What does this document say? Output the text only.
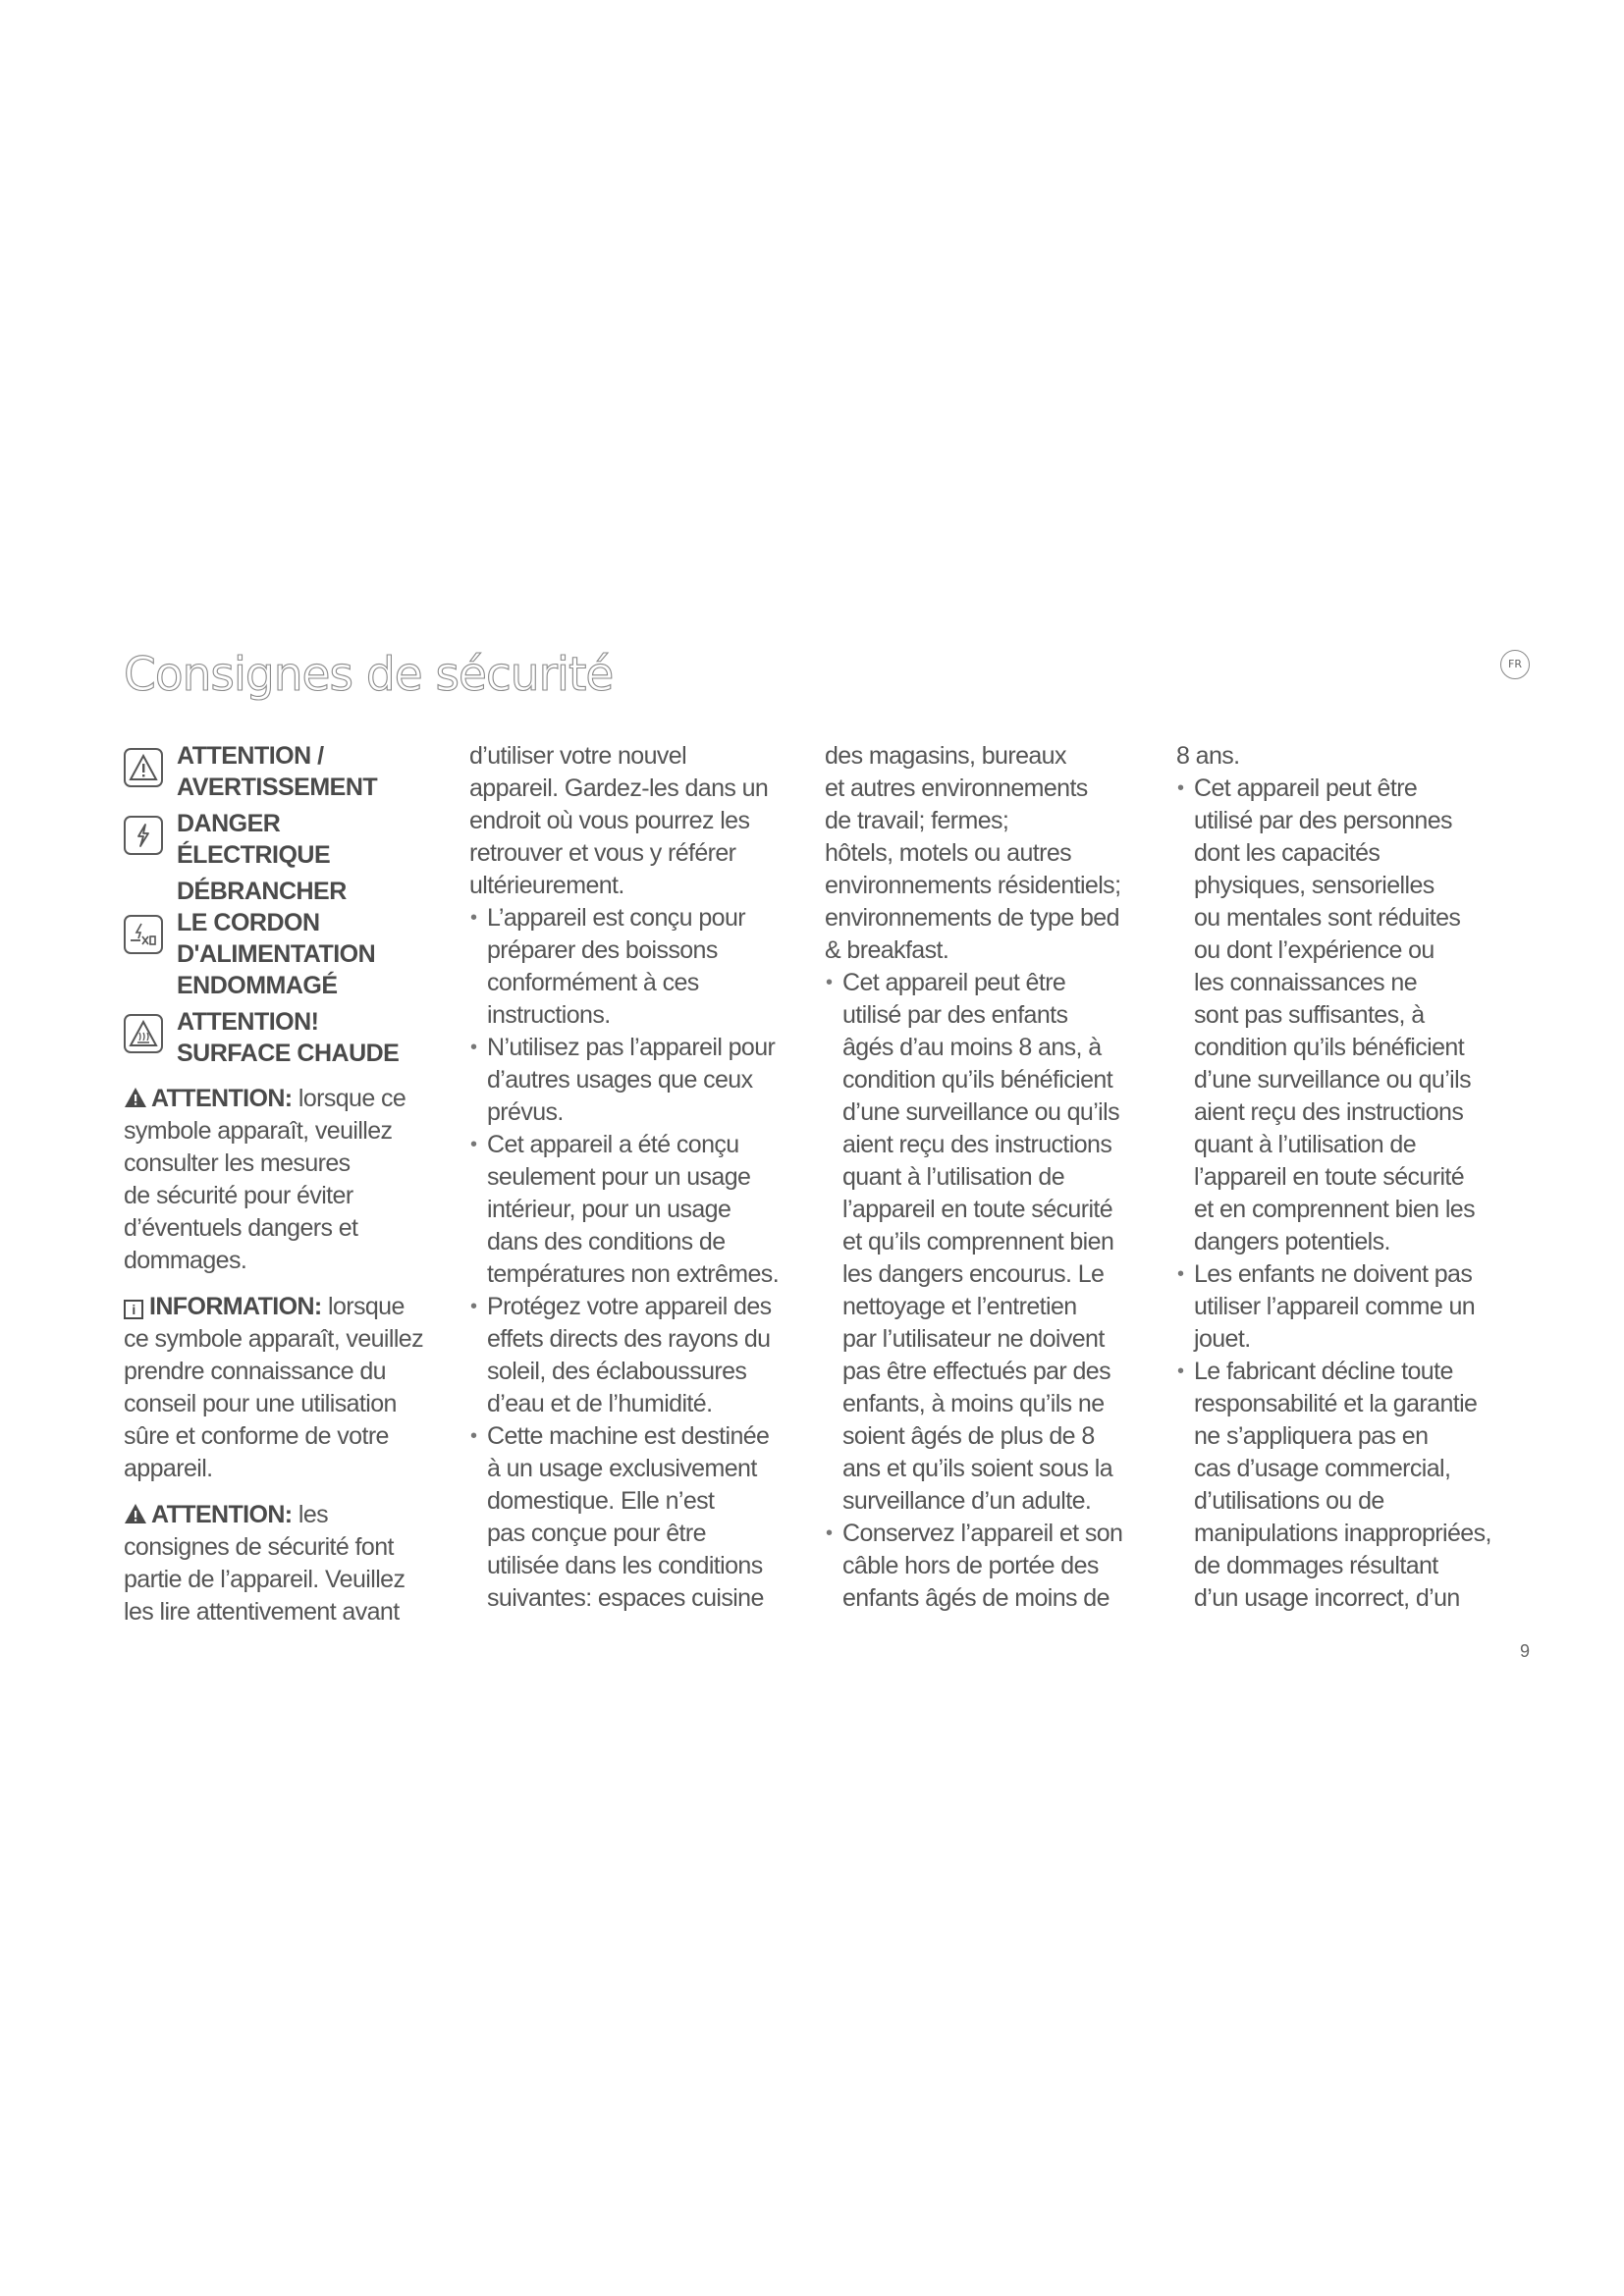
Consignes de sécurité	FR
ATTENTION /
AVERTISSEMENT
DANGER
ÉLECTRIQUE
DÉBRANCHER
LE CORDON
D'ALIMENTATION
ENDOMMAGÉ
ATTENTION!
SURFACE CHAUDE

ATTENTION: lorsque ce
symbole apparaît, veuillez
consulter les mesures
de sécurité pour éviter
d’éventuels dangers et
dommages.

i INFORMATION: lorsque
ce symbole apparaît, veuillez
prendre connaissance du
conseil pour une utilisation
sûre et conforme de votre
appareil.

ATTENTION: les
consignes de sécurité font
partie de l’appareil. Veuillez
les lire attentivement avant

d’utiliser votre nouvel
appareil. Gardez-les dans un
endroit où vous pourrez les
retrouver et vous y référer
ultérieurement.
• L’appareil est conçu pour
préparer des boissons
conformément à ces
instructions.
• N’utilisez pas l’appareil pour
d’autres usages que ceux
prévus.
• Cet appareil a été conçu
seulement pour un usage
intérieur, pour un usage
dans des conditions de
températures non extrêmes.
• Protégez votre appareil des
effets directs des rayons du
soleil, des éclaboussures
d’eau et de l’humidité.
• Cette machine est destinée
à un usage exclusivement
domestique. Elle n’est
pas conçue pour être
utilisée dans les conditions
suivantes: espaces cuisine
des magasins, bureaux
et autres environnements
de travail; fermes;
hôtels, motels ou autres
environnements résidentiels;
environnements de type bed
& breakfast.
• Cet appareil peut être
utilisé par des enfants
âgés d’au moins 8 ans, à
condition qu’ils bénéficient
d’une surveillance ou qu’ils
aient reçu des instructions
quant à l’utilisation de
l’appareil en toute sécurité
et qu’ils comprennent bien
les dangers encourus. Le
nettoyage et l’entretien
par l’utilisateur ne doivent
pas être effectués par des
enfants, à moins qu’ils ne
soient âgés de plus de 8
ans et qu’ils soient sous la
surveillance d’un adulte.
• Conservez l’appareil et son
câble hors de portée des
enfants âgés de moins de
8 ans.
• Cet appareil peut être
utilisé par des personnes
dont les capacités
physiques, sensorielles
ou mentales sont réduites
ou dont l’expérience ou
les connaissances ne
sont pas suffisantes, à
condition qu’ils bénéficient
d’une surveillance ou qu’ils
aient reçu des instructions
quant à l’utilisation de
l’appareil en toute sécurité
et en comprennent bien les
dangers potentiels.
• Les enfants ne doivent pas
utiliser l’appareil comme un
jouet.
• Le fabricant décline toute
responsabilité et la garantie
ne s’appliquera pas en
cas d’usage commercial,
d’utilisations ou de
manipulations inappropriées,
de dommages résultant
d’un usage incorrect, d’un
9
